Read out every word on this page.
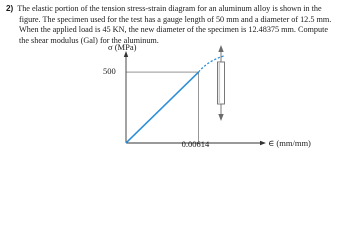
2) The elastic portion of the tension stress-strain diagram for an aluminum alloy is shown in the
figure. The specimen used for the test has a gauge length of 50 mm and a diameter of 12.5 mm.
When the applied load is 45 KN, the new diameter of the specimen is 12.48375 mm. Compute
the shear modulus (Gal) for the aluminum.
σ (MPa)
500
0.00614	∈ (mm/mm)
